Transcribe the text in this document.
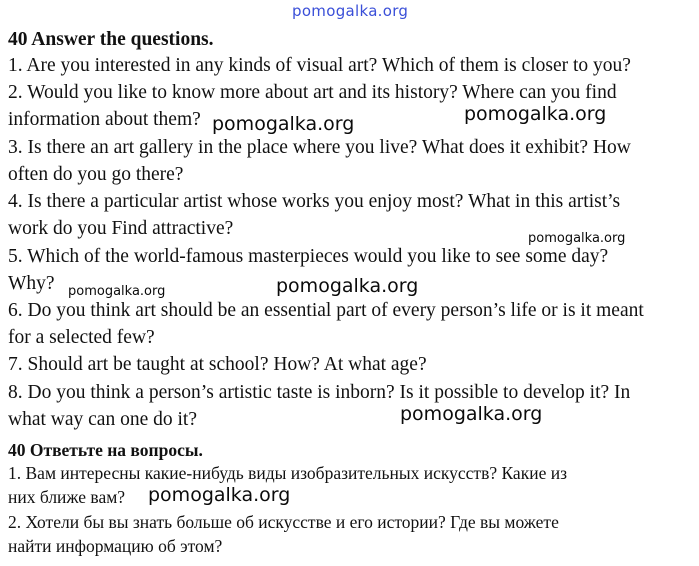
pomogalka.org
40 Answer the questions.
1. Are you interested in any kinds of visual art? Which of them is closer to you?
2. Would you like to know more about art and its history? Where can you find
information about them?
3. Is there an art gallery in the place where you live? What does it exhibit? How
often do you go there?
4. Is there a particular artist whose works you enjoy most? What in this artist’s
work do you Find attractive?
5. Which of the world-famous masterpieces would you like to see some day?
Why?
6. Do you think art should be an essential part of every person’s life or is it meant
for a selected few?
7. Should art be taught at school? How? At what age?
8. Do you think a person’s artistic taste is inborn? Is it possible to develop it? In
what way can one do it?
40 Ответьте на вопросы.
1. Вам интересны какие-нибудь виды изобразительных искусств? Какие из
них ближе вам?
2. Хотели бы вы знать больше об искусстве и его истории? Где вы можете
найти информацию об этом?
pomogalka.org	pomogalka.org
pomogalka.org
pomogalka.org	pomogalka.org
pomogalka.org
pomogalka.org
